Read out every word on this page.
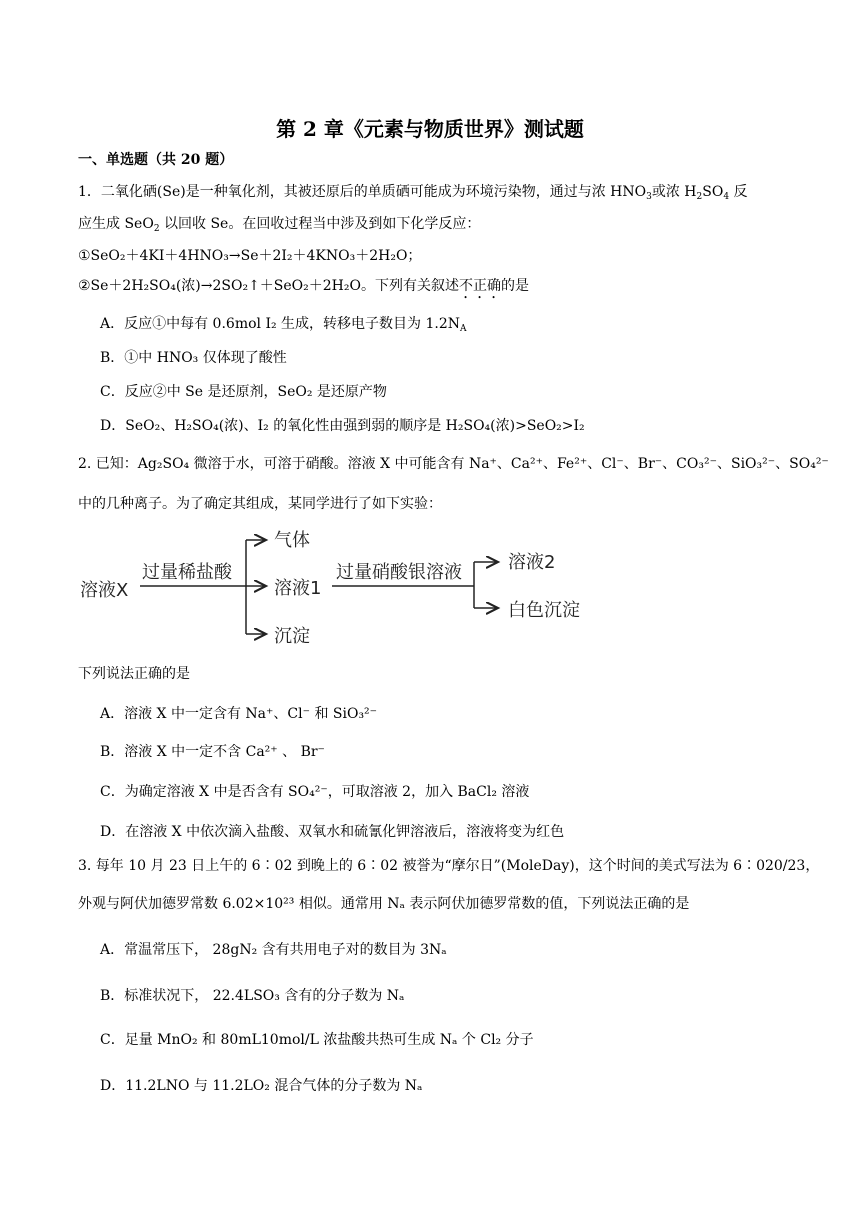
第 2 章《元素与物质世界》测试题
一、单选题（共 20 题）
1．二氧化硒(Se)是一种氧化剂，其被还原后的单质硒可能成为环境污染物，通过与浓 $HNO_3$或浓 $H_2SO_4$ 反
应生成 SeO$_2$ 以回收 Se。在回收过程当中涉及到如下化学反应：
①SeO₂＋4KI＋4HNO₃→Se＋2I₂＋4KNO₃＋2H₂O；
②Se＋2H₂SO₄(浓)→2SO₂↑＋SeO₂＋2H₂O。下列有关叙述不正确的是
A．反应①中每有 0.6mol I₂ 生成，转移电子数目为 $1.2N_A$
B．①中 HNO₃ 仅体现了酸性
C．反应②中 Se 是还原剂，SeO₂ 是还原产物
D．SeO₂、H₂SO₄(浓)、I₂ 的氧化性由强到弱的顺序是 H₂SO₄(浓)>SeO₂>I₂
2. 已知：Ag₂SO₄ 微溶于水，可溶于硝酸。溶液 X 中可能含有 Na⁺、Ca²⁺、Fe²⁺、Cl⁻、Br⁻、CO₃²⁻、SiO₃²⁻、SO₄²⁻
中的几种离子。为了确定其组成，某同学进行了如下实验：
溶液X
过量稀盐酸
气体
溶液1
沉淀
过量硝酸银溶液	溶液2
白色沉淀
下列说法正确的是
A．溶液 X 中一定含有 Na⁺、Cl⁻ 和 SiO₃²⁻
B．溶液 X 中一定不含 Ca²⁺ 、 Br⁻
C．为确定溶液 X 中是否含有 SO₄²⁻，可取溶液 2，加入 BaCl₂ 溶液
D．在溶液 X 中依次滴入盐酸、双氧水和硫氰化钾溶液后，溶液将变为红色
3. 每年 10 月 23 日上午的 6∶02 到晚上的 6∶02 被誉为“摩尔日”(MoleDay)，这个时间的美式写法为 6∶020/23，
外观与阿伏加德罗常数 6.02×10²³ 相似。通常用 Nₐ 表示阿伏加德罗常数的值，下列说法正确的是
A．常温常压下， 28gN₂ 含有共用电子对的数目为 3Nₐ
B．标准状况下， 22.4LSO₃ 含有的分子数为 Nₐ
C．足量 MnO₂ 和 80mL10mol/L 浓盐酸共热可生成 Nₐ 个 Cl₂ 分子
D．11.2LNO 与 11.2LO₂ 混合气体的分子数为 Nₐ
